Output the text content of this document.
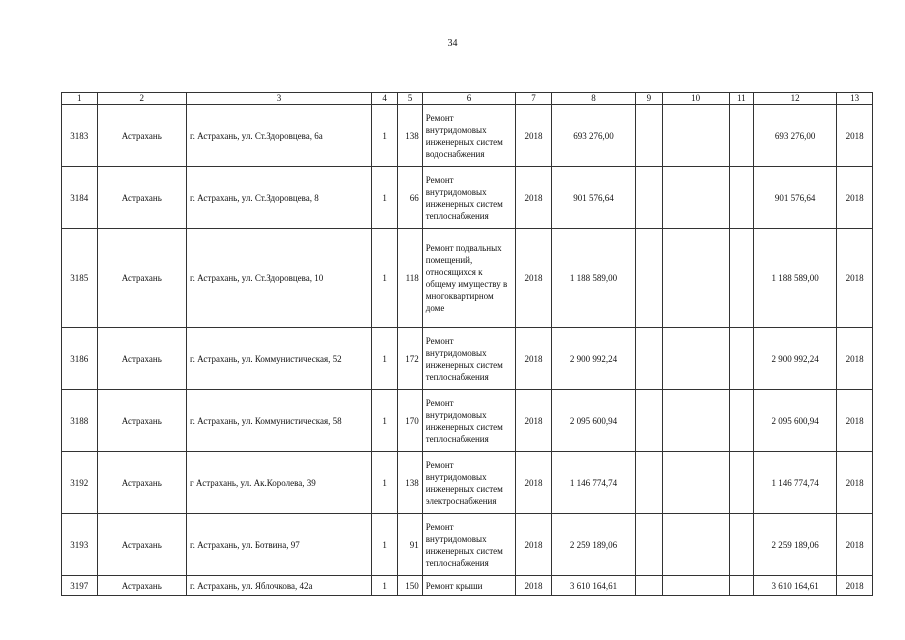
34
1	2	3	4	5	6	7	8	9	10	11	12	13
3183	Астрахань	г. Астрахань, ул. Ст.Здоровцева, 6а	1	138	Ремонт внутридомовых инженерных систем водоснабжения	2018	693 276,00				693 276,00	2018
3184	Астрахань	г. Астрахань, ул. Ст.Здоровцева, 8	1	66	Ремонт внутридомовых инженерных систем теплоснабжения	2018	901 576,64				901 576,64	2018
3185	Астрахань	г. Астрахань, ул. Ст.Здоровцева, 10	1	118	Ремонт подвальных помещений, относящихся к общему имуществу в многоквартирном доме	2018	1 188 589,00				1 188 589,00	2018
3186	Астрахань	г. Астрахань, ул. Коммунистическая, 52	1	172	Ремонт внутридомовых инженерных систем теплоснабжения	2018	2 900 992,24				2 900 992,24	2018
3188	Астрахань	г. Астрахань, ул. Коммунистическая, 58	1	170	Ремонт внутридомовых инженерных систем теплоснабжения	2018	2 095 600,94				2 095 600,94	2018
3192	Астрахань	г Астрахань, ул. Ак.Королева, 39	1	138	Ремонт внутридомовых инженерных систем электроснабжения	2018	1 146 774,74				1 146 774,74	2018
3193	Астрахань	г. Астрахань, ул. Ботвина, 97	1	91	Ремонт внутридомовых инженерных систем теплоснабжения	2018	2 259 189,06				2 259 189,06	2018
3197	Астрахань	г. Астрахань, ул. Яблочкова, 42а	1	150	Ремонт крыши	2018	3 610 164,61				3 610 164,61	2018
